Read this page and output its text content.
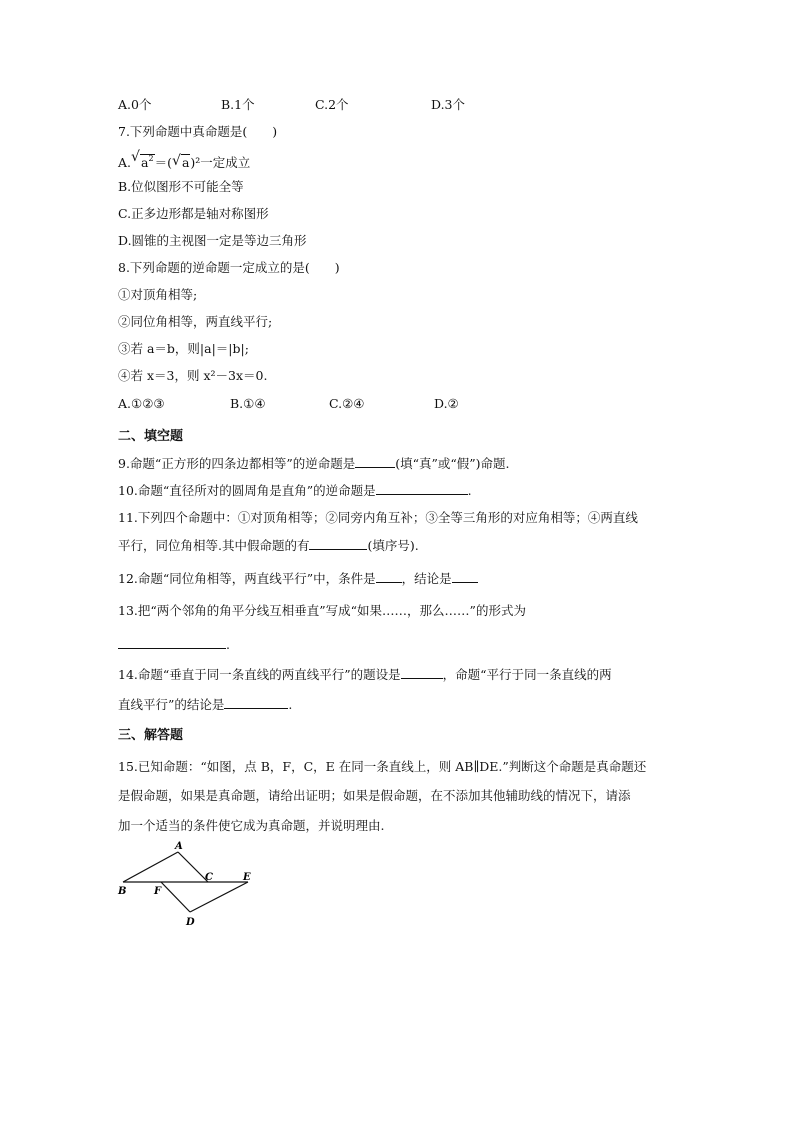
A.0个	B.1个	C.2个	D.3个
7.下列命题中真命题是(　　)
A. √ $a^2=$( √ a)²一定成立
B.位似图形不可能全等
C.正多边形都是轴对称图形
D.圆锥的主视图一定是等边三角形
8.下列命题的逆命题一定成立的是(　　)
①对顶角相等;
②同位角相等，两直线平行;
③若 a＝b，则|a|＝|b|;
④若 x＝3，则 x²－3x＝0.
A.①②③	B.①④	C.②④	D.②
二、填空题
9.命题“正方形的四条边都相等”的逆命题是	(填“真”或“假”)命题.
10.命题“直径所对的圆周角是直角”的逆命题是	.
11.下列四个命题中：①对顶角相等；②同旁内角互补；③全等三角形的对应角相等；④两直线
平行，同位角相等.其中假命题的有	(填序号).
12.命题“同位角相等，两直线平行”中，条件是 ，结论是
13.把“两个邻角的角平分线互相垂直”写成“如果……，那么……”的形式为
.
14.命题“垂直于同一条直线的两直线平行”的题设是	，命题“平行于同一条直线的两
直线平行”的结论是	.
三、解答题
15.已知命题：“如图，点 B，F，C，E 在同一条直线上，则 AB∥DE.”判断这个命题是真命题还
是假命题，如果是真命题，请给出证明；如果是假命题，在不添加其他辅助线的情况下，请添
加一个适当的条件使它成为真命题，并说明理由.
A
B	F
C	E
D
